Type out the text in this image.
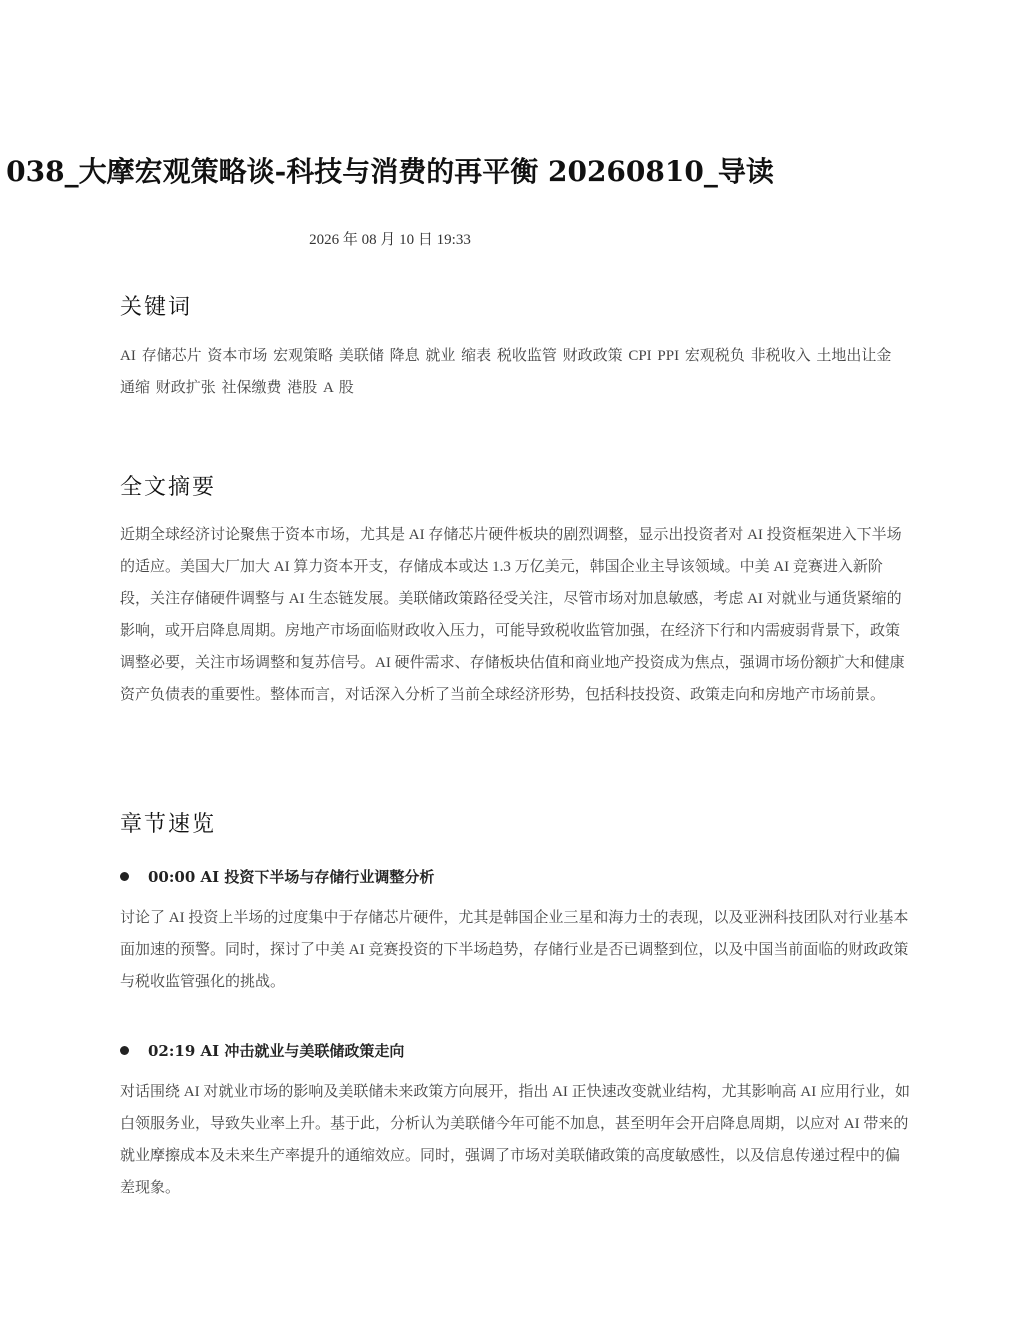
038_大摩宏观策略谈-科技与消费的再平衡 20260810_导读
2026 年 08 月 10 日 19:33
关键词

AI 存储芯片 资本市场 宏观策略 美联储 降息 就业 缩表 税收监管 财政政策 CPI PPI 宏观税负 非税收入 土地出让金 通缩 财政扩张 社保缴费 港股 A 股

全文摘要

近期全球经济讨论聚焦于资本市场，尤其是 AI 存储芯片硬件板块的剧烈调整，显示出投资者对 AI 投资框架进入下半场的适应。美国大厂加大 AI 算力资本开支，存储成本或达 1.3 万亿美元，韩国企业主导该领域。中美 AI 竞赛进入新阶段，关注存储硬件调整与 AI 生态链发展。美联储政策路径受关注，尽管市场对加息敏感，考虑 AI 对就业与通货紧缩的影响，或开启降息周期。房地产市场面临财政收入压力，可能导致税收监管加强，在经济下行和内需疲弱背景下，政策调整必要，关注市场调整和复苏信号。AI 硬件需求、存储板块估值和商业地产投资成为焦点，强调市场份额扩大和健康资产负债表的重要性。整体而言，对话深入分析了当前全球经济形势，包括科技投资、政策走向和房地产市场前景。

章节速览
00:00 AI 投资下半场与存储行业调整分析

讨论了 AI 投资上半场的过度集中于存储芯片硬件，尤其是韩国企业三星和海力士的表现，以及亚洲科技团队对行业基本面加速的预警。同时，探讨了中美 AI 竞赛投资的下半场趋势，存储行业是否已调整到位，以及中国当前面临的财政政策与税收监管强化的挑战。

02:19 AI 冲击就业与美联储政策走向

对话围绕 AI 对就业市场的影响及美联储未来政策方向展开，指出 AI 正快速改变就业结构，尤其影响高 AI 应用行业，如白领服务业，导致失业率上升。基于此，分析认为美联储今年可能不加息，甚至明年会开启降息周期，以应对 AI 带来的就业摩擦成本及未来生产率提升的通缩效应。同时，强调了市场对美联储政策的高度敏感性，以及信息传递过程中的偏差现象。
